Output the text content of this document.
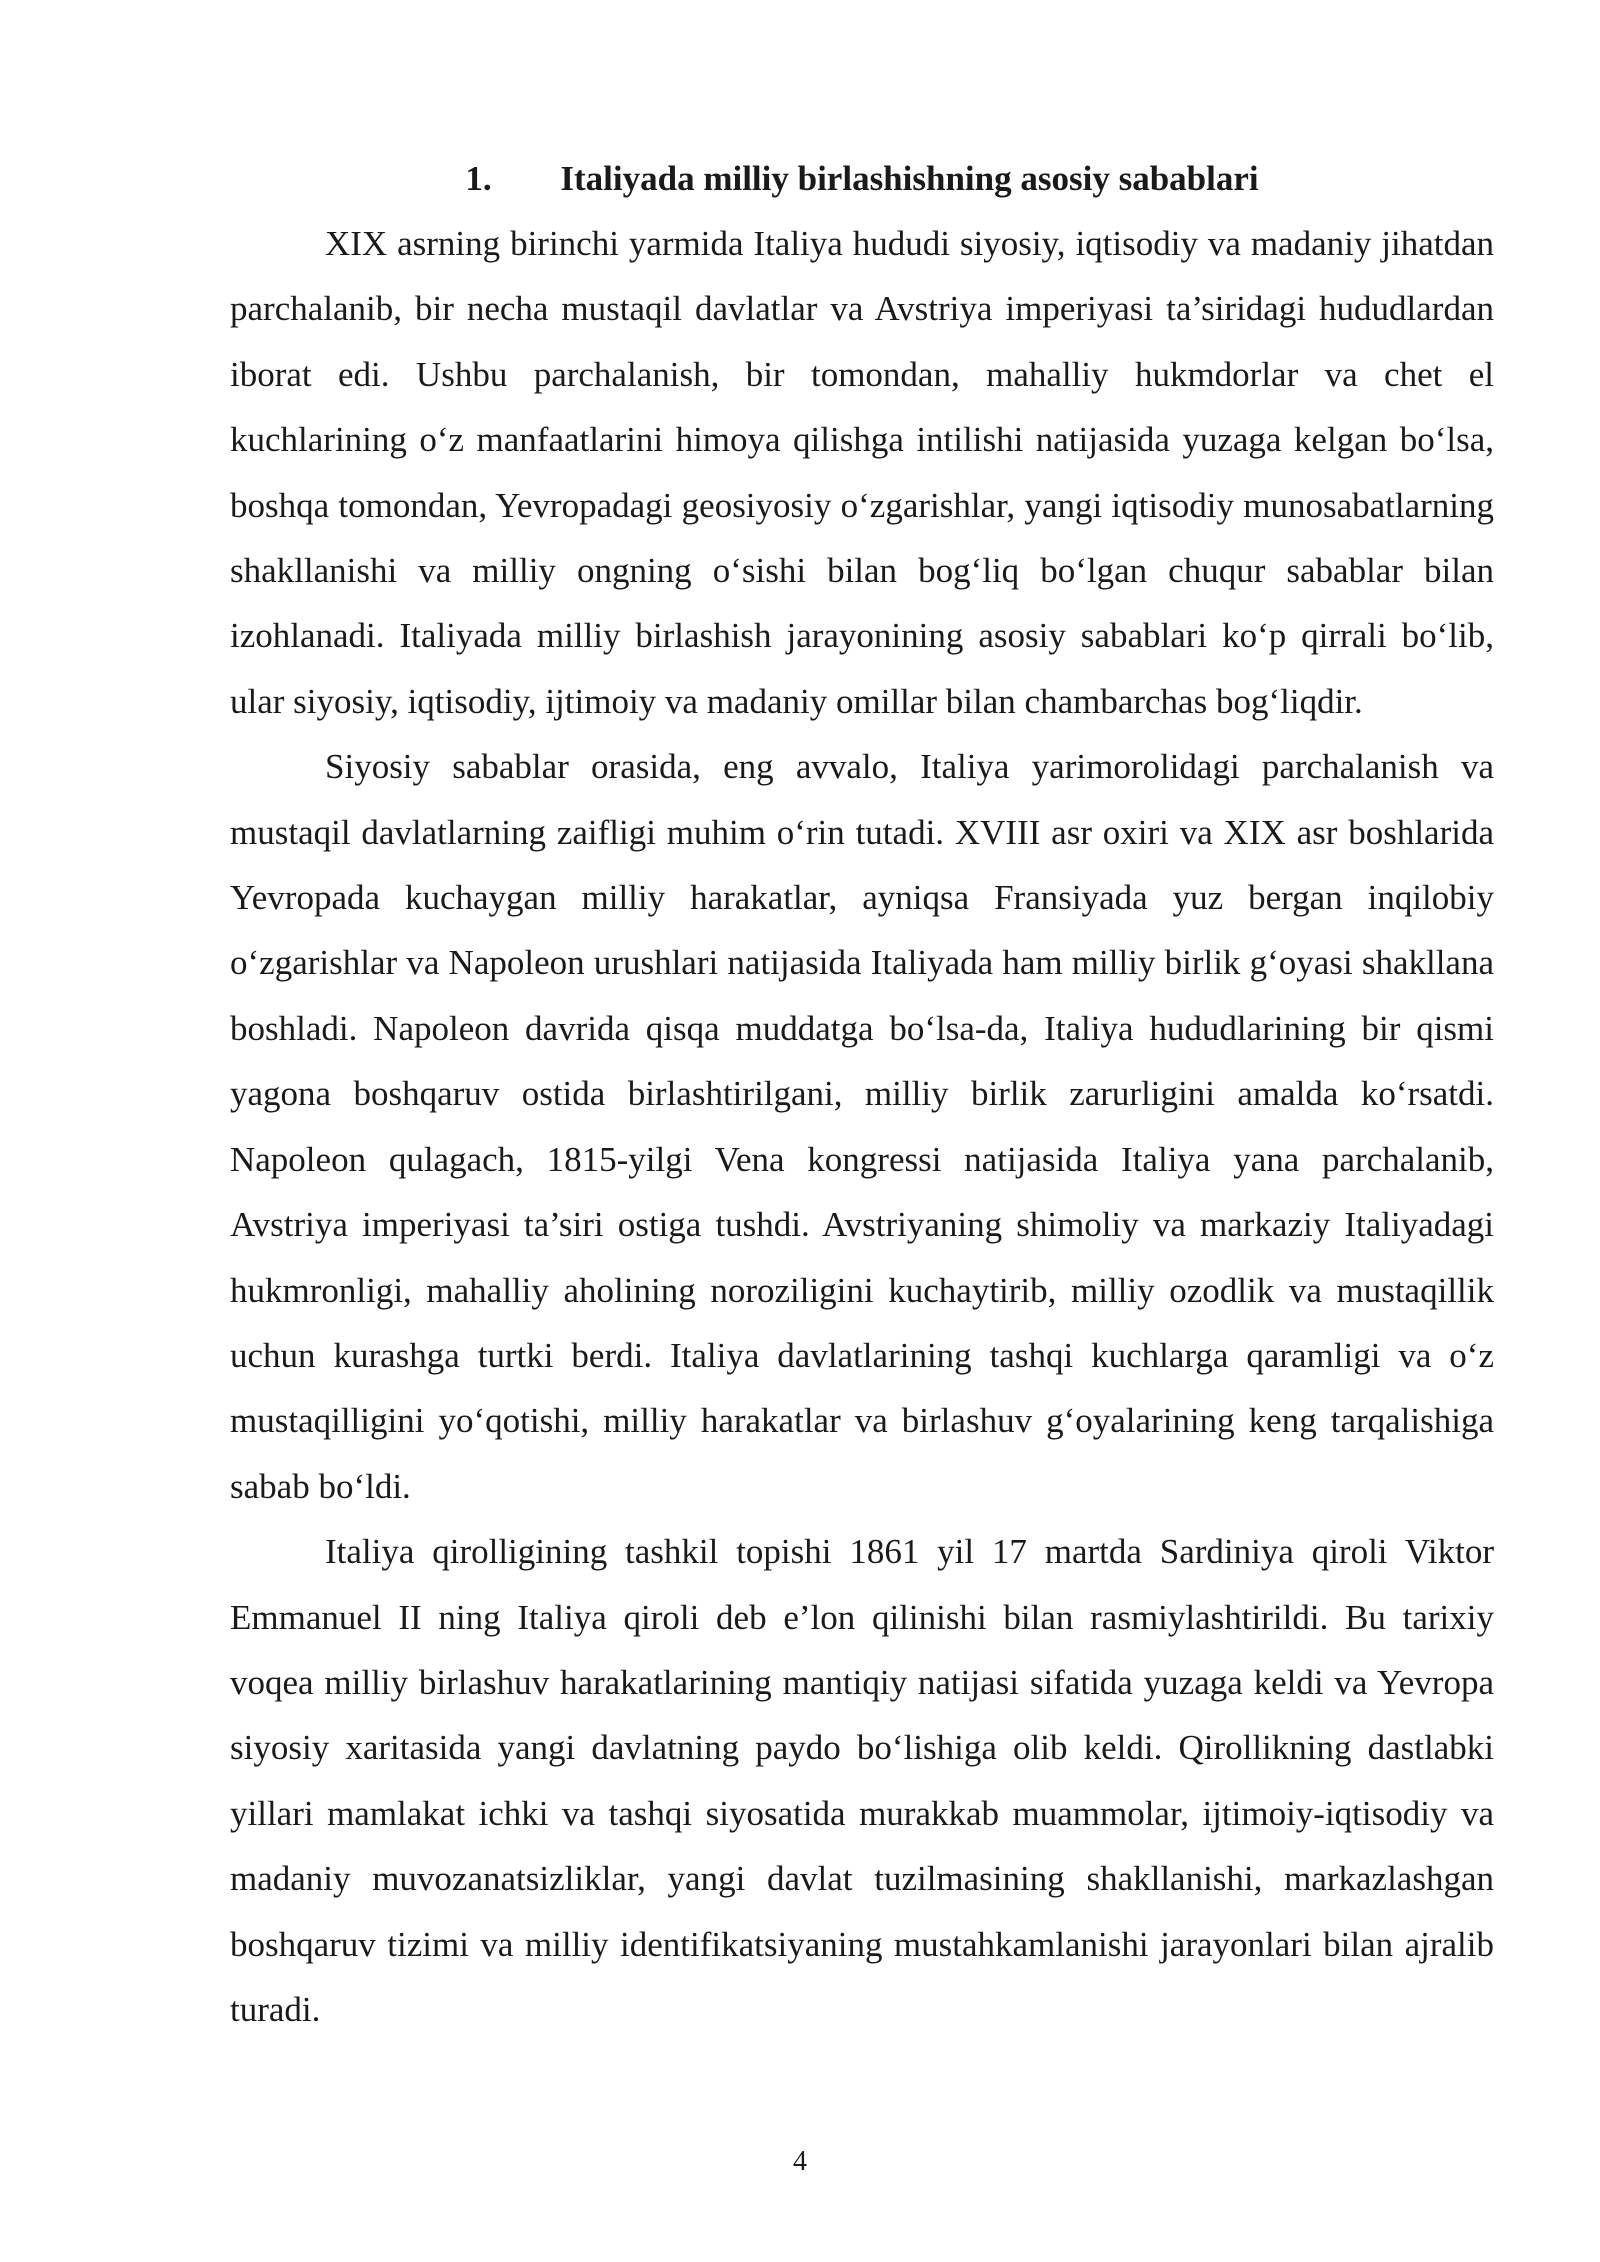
1. Italiyada milliy birlashishning asosiy sabablari

XIX asrning birinchi yarmida Italiya hududi siyosiy, iqtisodiy va madaniy jihatdan parchalanib, bir necha mustaqil davlatlar va Avstriya imperiyasi ta’siridagi hududlardan iborat edi. Ushbu parchalanish, bir tomondan, mahalliy hukmdorlar va chet el kuchlarining o‘z manfaatlarini himoya qilishga intilishi natijasida yuzaga kelgan bo‘lsa, boshqa tomondan, Yevropadagi geosiyosiy o‘zgarishlar, yangi iqtisodiy munosabatlarning shakllanishi va milliy ongning o‘sishi bilan bog‘liq bo‘lgan chuqur sabablar bilan izohlanadi. Italiyada milliy birlashish jarayonining asosiy sabablari ko‘p qirrali bo‘lib, ular siyosiy, iqtisodiy, ijtimoiy va madaniy omillar bilan chambarchas bog‘liqdir.

Siyosiy sabablar orasida, eng avvalo, Italiya yarimorolidagi parchalanish va mustaqil davlatlarning zaifligi muhim o‘rin tutadi. XVIII asr oxiri va XIX asr boshlarida Yevropada kuchaygan milliy harakatlar, ayniqsa Fransiyada yuz bergan inqilobiy o‘zgarishlar va Napoleon urushlari natijasida Italiyada ham milliy birlik g‘oyasi shakllana boshladi. Napoleon davrida qisqa muddatga bo‘lsa-da, Italiya hududlarining bir qismi yagona boshqaruv ostida birlashtirilgani, milliy birlik zarurligini amalda ko‘rsatdi. Napoleon qulagach, 1815-yilgi Vena kongressi natijasida Italiya yana parchalanib, Avstriya imperiyasi ta’siri ostiga tushdi. Avstriyaning shimoliy va markaziy Italiyadagi hukmronligi, mahalliy aholining noroziligini kuchaytirib, milliy ozodlik va mustaqillik uchun kurashga turtki berdi. Italiya davlatlarining tashqi kuchlarga qaramligi va o‘z mustaqilligini yo‘qotishi, milliy harakatlar va birlashuv g‘oyalarining keng tarqalishiga sabab bo‘ldi.

Italiya qirolligining tashkil topishi 1861 yil 17 martda Sardiniya qiroli Viktor Emmanuel II ning Italiya qiroli deb e’lon qilinishi bilan rasmiylashtirildi. Bu tarixiy voqea milliy birlashuv harakatlarining mantiqiy natijasi sifatida yuzaga keldi va Yevropa siyosiy xaritasida yangi davlatning paydo bo‘lishiga olib keldi. Qirollikning dastlabki yillari mamlakat ichki va tashqi siyosatida murakkab muammolar, ijtimoiy-iqtisodiy va madaniy muvozanatsizliklar, yangi davlat tuzilmasining shakllanishi, markazlashgan boshqaruv tizimi va milliy identifikatsiyaning mustahkamlanishi jarayonlari bilan ajralib turadi.

4
